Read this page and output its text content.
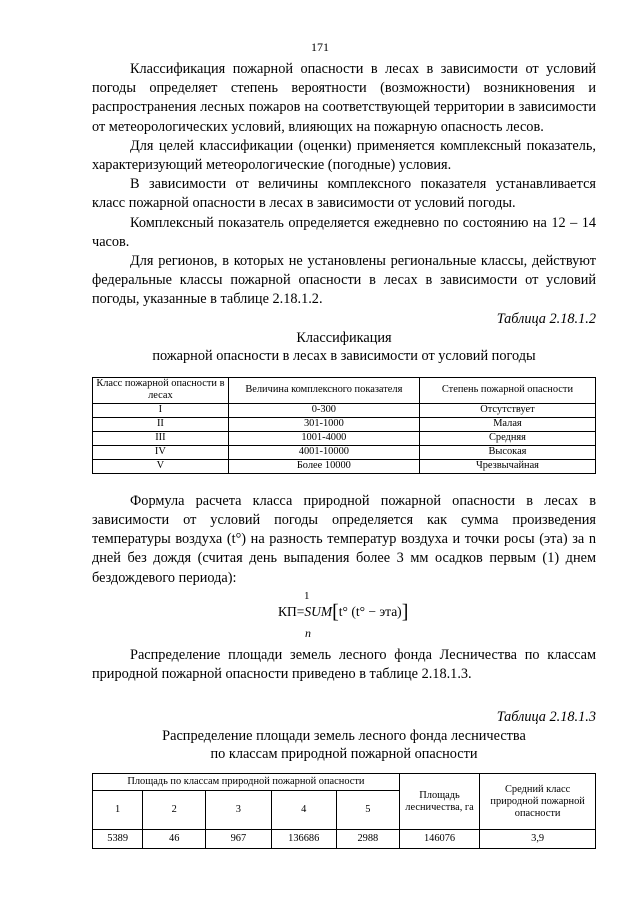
171

Классификация пожарной опасности в лесах в зависимости от условий погоды определяет степень вероятности (возможности) возникновения и распространения лесных пожаров на соответствующей территории в зависимости от метеорологических условий, влияющих на пожарную опасность лесов.

Для целей классификации (оценки) применяется комплексный показатель, характеризующий метеорологические (погодные) условия.

В зависимости от величины комплексного показателя устанавливается класс пожарной опасности в лесах в зависимости от условий погоды.

Комплексный показатель определяется ежедневно по состоянию на 12 – 14 часов.

Для регионов, в которых не установлены региональные классы, действуют федеральные классы пожарной опасности в лесах в зависимости от условий погоды, указанные в таблице 2.18.1.2.

Таблица 2.18.1.2
Классификация
пожарной опасности в лесах в зависимости от условий погоды
Класс пожарной опасности в лесах	Величина комплексного показателя	Степень пожарной опасности
I	0-300	Отсутствует
II	301-1000	Малая
III	1001-4000	Средняя
IV	4001-10000	Высокая
V	Более 10000	Чрезвычайная

Формула расчета класса природной пожарной опасности в лесах в зависимости от условий погоды определяется как сумма произведения температуры воздуха (t°) на разность температур воздуха и точки росы (эта) за n дней без дождя (считая день выпадения более 3 мм осадков первым (1) днем бездождевого периода):

1
КП=SUM[t° (t° − эта)]
n

Распределение площади земель лесного фонда Лесничества по классам природной пожарной опасности приведено в таблице 2.18.1.3.

Таблица 2.18.1.3
Распределение площади земель лесного фонда лесничества
по классам природной пожарной опасности
Площадь по классам природной пожарной опасности					Площадь лесничества, га	Средний класс природной пожарной опасности
1	2	3	4	5		
5389	46	967	136686	2988	146076	3,9
